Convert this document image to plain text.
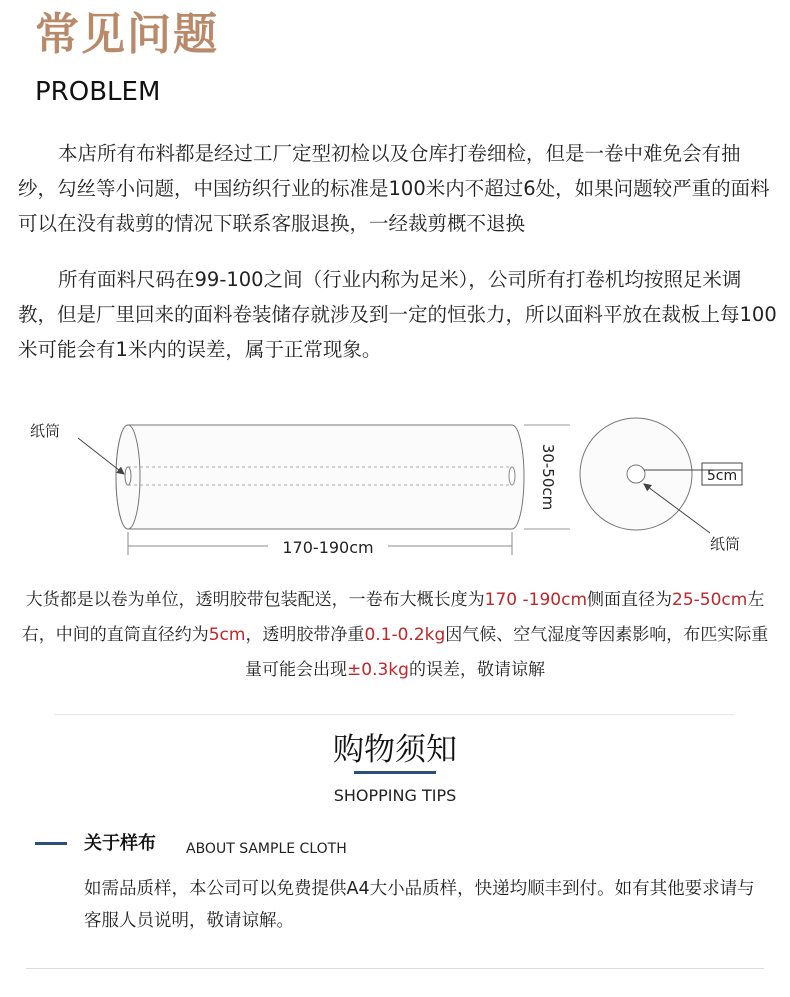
常见问题
PROBLEM

本店所有布料都是经过工厂定型初检以及仓库打卷细检，但是一卷中难免会有抽纱，勾丝等小问题，中国纺织行业的标准是100米内不超过6处，如果问题较严重的面料可以在没有裁剪的情况下联系客服退换，一经裁剪概不退换

所有面料尺码在99-100之间（行业内称为足米），公司所有打卷机均按照足米调教，但是厂里回来的面料卷装储存就涉及到一定的恒张力，所以面料平放在裁板上每100米可能会有1米内的误差，属于正常现象。

纸筒
170-190cm
30-50cm	5cm
纸筒
大货都是以卷为单位，透明胶带包装配送，一卷布大概长度为170 -190cm侧面直径为25-50cm左右，中间的直筒直径约为5cm，透明胶带净重0.1-0.2kg因气候、空气湿度等因素影响，布匹实际重量可能会出现±0.3kg的误差，敬请谅解
购物须知
SHOPPING TIPS
关于样布 ABOUT SAMPLE CLOTH

如需品质样，本公司可以免费提供A4大小品质样，快递均顺丰到付。如有其他要求请与客服人员说明，敬请谅解。
